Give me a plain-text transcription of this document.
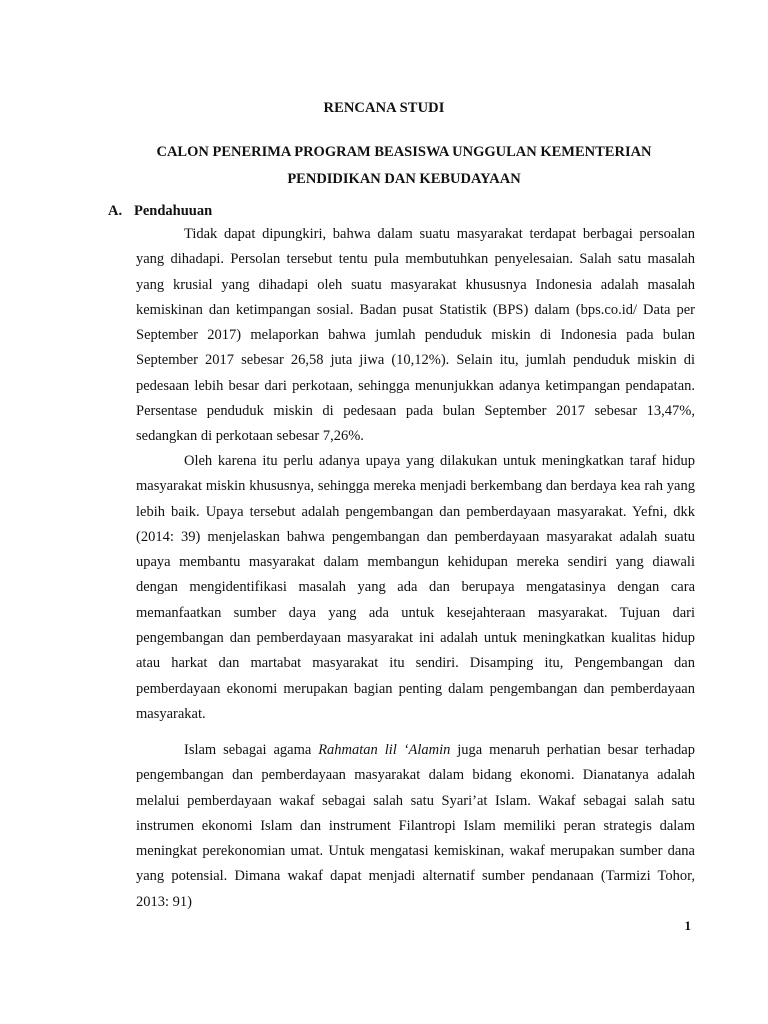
RENCANA STUDI
CALON PENERIMA PROGRAM BEASISWA UNGGULAN KEMENTERIAN PENDIDIKAN DAN KEBUDAYAAN
A. Pendahuuan

Tidak dapat dipungkiri, bahwa dalam suatu masyarakat terdapat berbagai persoalan yang dihadapi. Persolan tersebut tentu pula membutuhkan penyelesaian. Salah satu masalah yang krusial yang dihadapi oleh suatu masyarakat khususnya Indonesia adalah masalah kemiskinan dan ketimpangan sosial. Badan pusat Statistik (BPS) dalam (bps.co.id/ Data per September 2017) melaporkan bahwa jumlah penduduk miskin di Indonesia pada bulan September 2017 sebesar 26,58 juta jiwa (10,12%). Selain itu, jumlah penduduk miskin di pedesaan lebih besar dari perkotaan, sehingga menunjukkan adanya ketimpangan pendapatan. Persentase penduduk miskin di pedesaan pada bulan September 2017 sebesar 13,47%, sedangkan di perkotaan sebesar 7,26%.

Oleh karena itu perlu adanya upaya yang dilakukan untuk meningkatkan taraf hidup masyarakat miskin khususnya, sehingga mereka menjadi berkembang dan berdaya kea rah yang lebih baik. Upaya tersebut adalah pengembangan dan pemberdayaan masyarakat. Yefni, dkk (2014: 39) menjelaskan bahwa pengembangan dan pemberdayaan masyarakat adalah suatu upaya membantu masyarakat dalam membangun kehidupan mereka sendiri yang diawali dengan mengidentifikasi masalah yang ada dan berupaya mengatasinya dengan cara memanfaatkan sumber daya yang ada untuk kesejahteraan masyarakat. Tujuan dari pengembangan dan pemberdayaan masyarakat ini adalah untuk meningkatkan kualitas hidup atau harkat dan martabat masyarakat itu sendiri. Disamping itu, Pengembangan dan pemberdayaan ekonomi merupakan bagian penting dalam pengembangan dan pemberdayaan masyarakat.

Islam sebagai agama Rahmatan lil ‘Alamin juga menaruh perhatian besar terhadap pengembangan dan pemberdayaan masyarakat dalam bidang ekonomi. Dianatanya adalah melalui pemberdayaan wakaf sebagai salah satu Syari’at Islam. Wakaf sebagai salah satu instrumen ekonomi Islam dan instrument Filantropi Islam memiliki peran strategis dalam meningkat perekonomian umat. Untuk mengatasi kemiskinan, wakaf merupakan sumber dana yang potensial. Dimana wakaf dapat menjadi alternatif sumber pendanaan (Tarmizi Tohor, 2013: 91)

1
